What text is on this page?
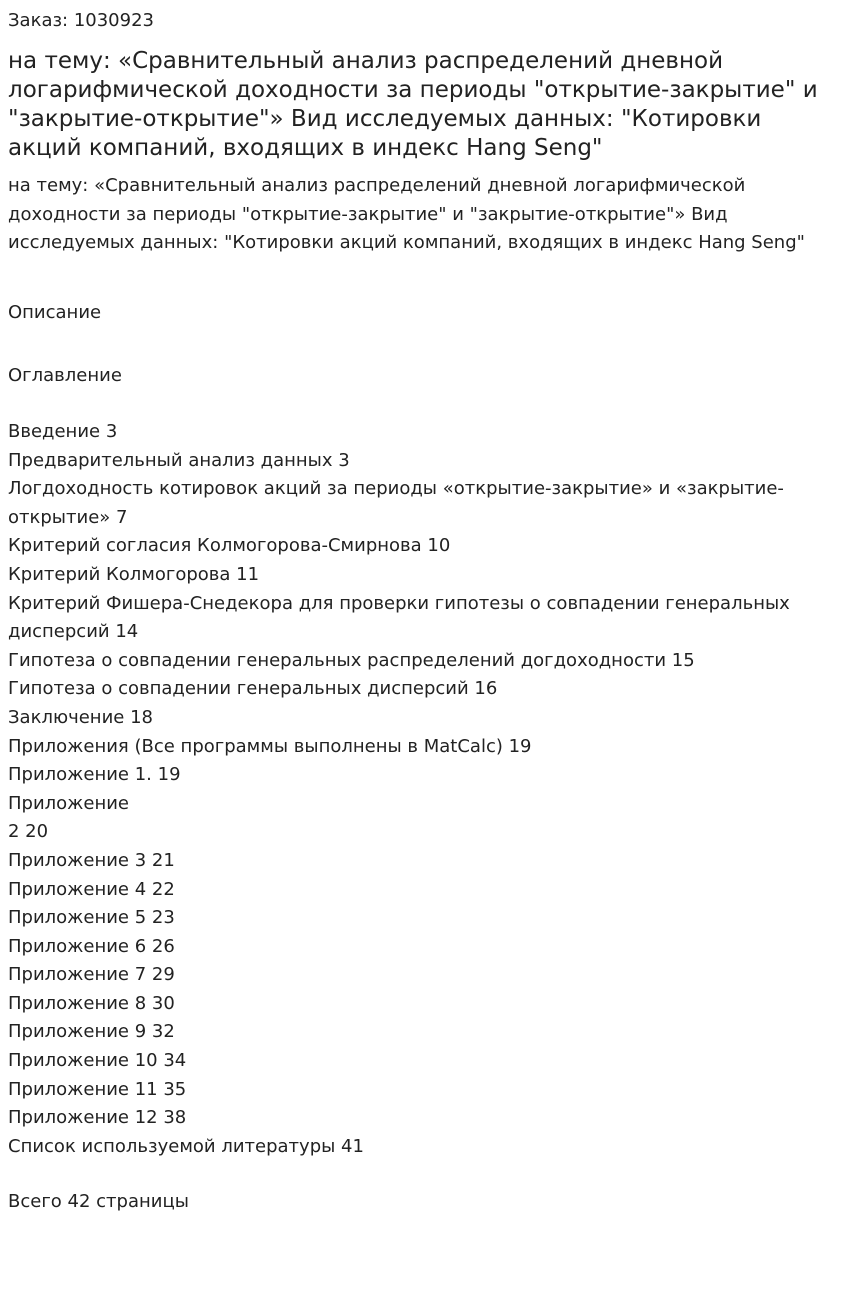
Заказ: 1030923
на тему: «Сравнительный анализ распределений дневной логарифмической доходности за периоды "открытие-закрытие" и "закрытие-открытие"» Вид исследуемых данных: "Котировки акций компаний, входящих в индекс Hang Seng"

на тему: «Сравнительный анализ распределений дневной логарифмической доходности за периоды "открытие-закрытие" и "закрытие-открытие"» Вид исследуемых данных: "Котировки акций компаний, входящих в индекс Hang Seng"

Описание
Оглавление
Введение 3
Предварительный анализ данных 3
Логдоходность котировок акций за периоды «открытие-закрытие» и «закрытие-открытие» 7
Критерий согласия Колмогорова-Смирнова 10
Критерий Колмогорова 11
Критерий Фишера-Снедекора для проверки гипотезы о совпадении генеральных дисперсий 14
Гипотеза о совпадении генеральных распределений догдоходности 15
Гипотеза о совпадении генеральных дисперсий 16
Заключение 18
Приложения (Все программы выполнены в MatCalc) 19
Приложение 1. 19
Приложение
2 20
Приложение 3 21
Приложение 4 22
Приложение 5 23
Приложение 6 26
Приложение 7 29
Приложение 8 30
Приложение 9 32
Приложение 10 34
Приложение 11 35
Приложение 12 38
Список используемой литературы 41
Всего 42 страницы
